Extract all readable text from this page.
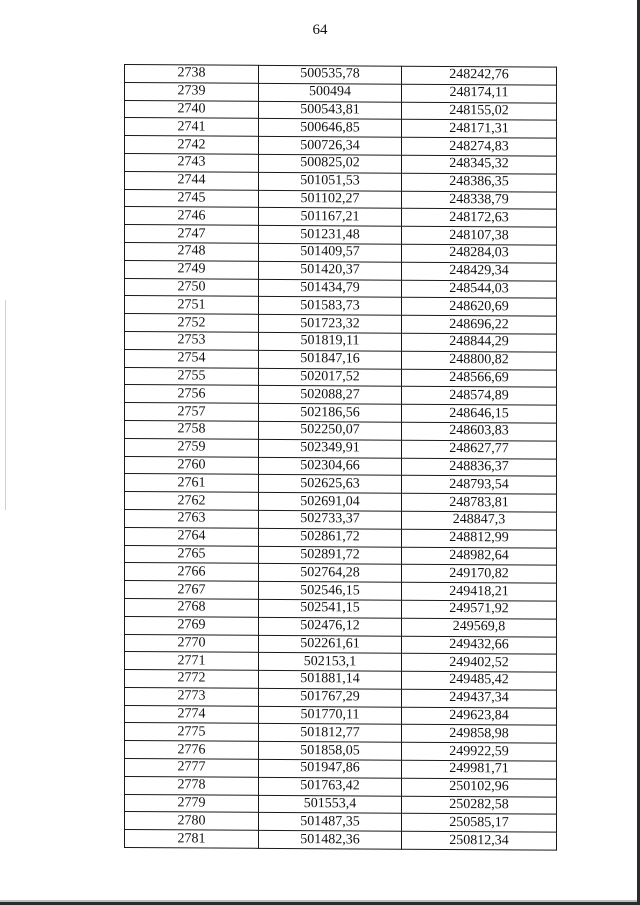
64
2738	500535,78	248242,76
2739	500494	248174,11
2740	500543,81	248155,02
2741	500646,85	248171,31
2742	500726,34	248274,83
2743	500825,02	248345,32
2744	501051,53	248386,35
2745	501102,27	248338,79
2746	501167,21	248172,63
2747	501231,48	248107,38
2748	501409,57	248284,03
2749	501420,37	248429,34
2750	501434,79	248544,03
2751	501583,73	248620,69
2752	501723,32	248696,22
2753	501819,11	248844,29
2754	501847,16	248800,82
2755	502017,52	248566,69
2756	502088,27	248574,89
2757	502186,56	248646,15
2758	502250,07	248603,83
2759	502349,91	248627,77
2760	502304,66	248836,37
2761	502625,63	248793,54
2762	502691,04	248783,81
2763	502733,37	248847,3
2764	502861,72	248812,99
2765	502891,72	248982,64
2766	502764,28	249170,82
2767	502546,15	249418,21
2768	502541,15	249571,92
2769	502476,12	249569,8
2770	502261,61	249432,66
2771	502153,1	249402,52
2772	501881,14	249485,42
2773	501767,29	249437,34
2774	501770,11	249623,84
2775	501812,77	249858,98
2776	501858,05	249922,59
2777	501947,86	249981,71
2778	501763,42	250102,96
2779	501553,4	250282,58
2780	501487,35	250585,17
2781	501482,36	250812,34
